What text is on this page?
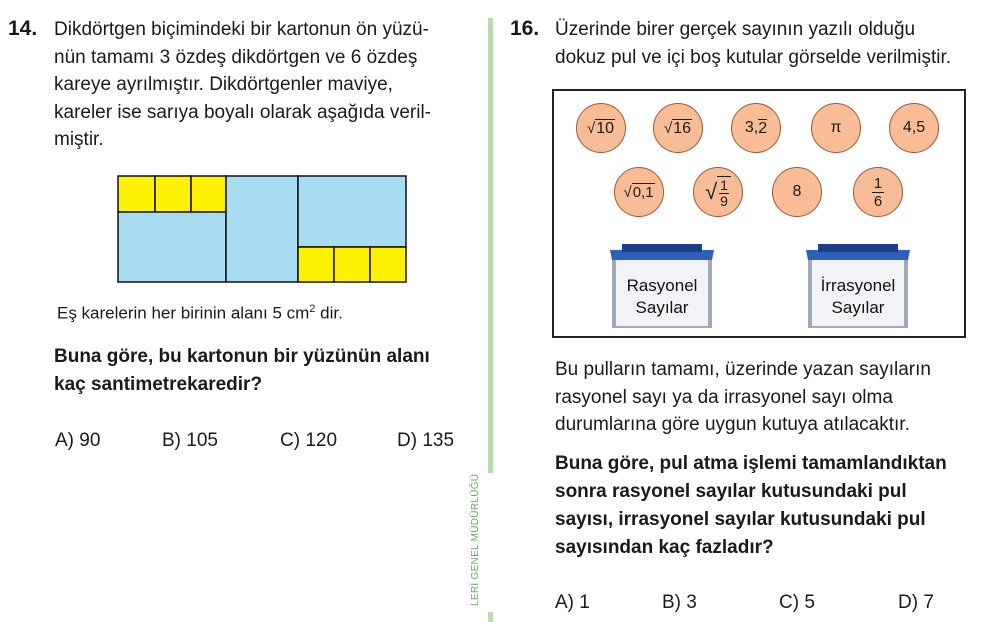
14. Dikdörtgen biçimindeki bir kartonun ön yüzü-
nün tamamı 3 özdeş dikdörtgen ve 6 özdeş
kareye ayrılmıştır. Dikdörtgenler maviye,
kareler ise sarıya boyalı olarak aşağıda veril-
miştir.
Eş karelerin her birinin alanı 5 $cm^2$ dir.
Buna göre, bu kartonun bir yüzünün alanı
kaç santimetrekaredir?
A) 90	B) 105	C) 120	D) 135
LERİ GENEL MÜDÜRLÜĞÜ
16. Üzerinde birer gerçek sayının yazılı olduğu
dokuz pul ve içi boş kutular görselde verilmiştir.
√ 10	√ 16	3, 2	π	4,5
√ 0,1 √ $\frac{1}{9}$	8	$\frac{1}{6}$
Rasyonel
Sayılar
İrrasyonel
Sayılar
Bu pulların tamamı, üzerinde yazan sayıların
rasyonel sayı ya da irrasyonel sayı olma
durumlarına göre uygun kutuya atılacaktır.
Buna göre, pul atma işlemi tamamlandıktan
sonra rasyonel sayılar kutusundaki pul
sayısı, irrasyonel sayılar kutusundaki pul
sayısından kaç fazladır?
A) 1	B) 3	C) 5	D) 7
